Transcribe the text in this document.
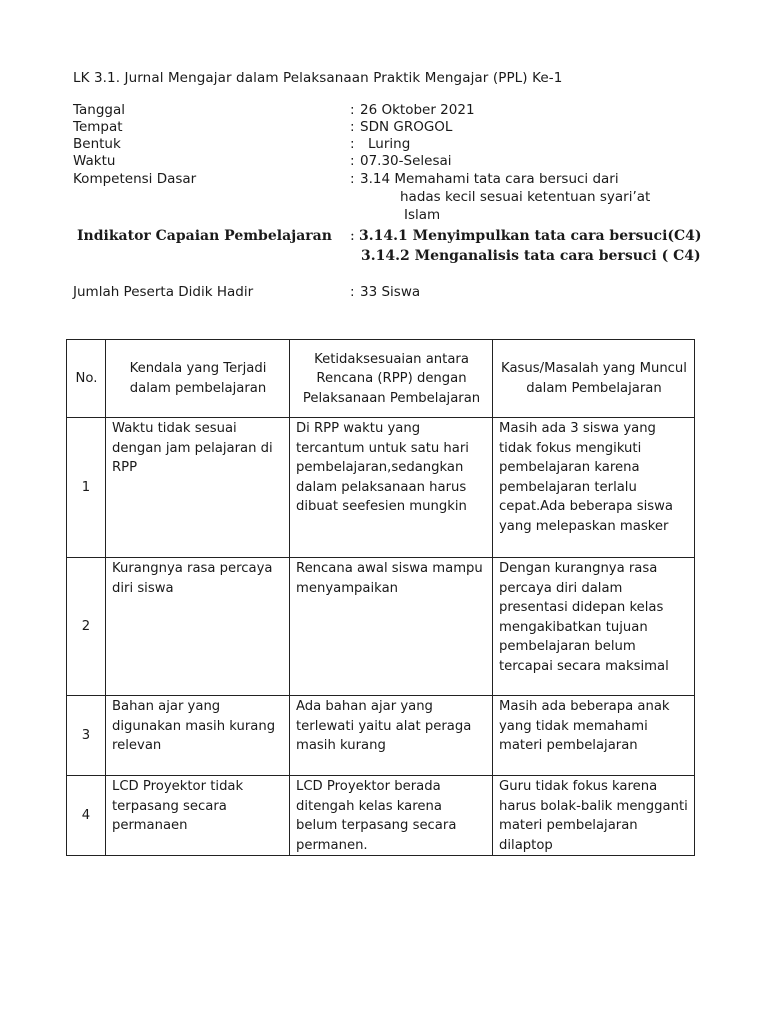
LK 3.1. Jurnal Mengajar dalam Pelaksanaan Praktik Mengajar (PPL) Ke-1
Tanggal	: 26 Oktober 2021
Tempat	: SDN GROGOL
Bentuk	: Luring
Waktu	: 07.30-Selesai
Kompetensi Dasar	: 3.14 Memahami tata cara bersuci dari
hadas kecil sesuai ketentuan syari’at
Islam
Indikator Capaian Pembelajaran : 3.14.1 Menyimpulkan tata cara bersuci(C4)
3.14.2 Menganalisis tata cara bersuci ( C4)
Jumlah Peserta Didik Hadir	: 33 Siswa
No.	Kendala yang Terjadi dalam pembelajaran	Ketidaksesuaian antara Rencana (RPP) dengan Pelaksanaan Pembelajaran	Kasus/Masalah yang Muncul dalam Pembelajaran
1	Waktu tidak sesuai dengan jam pelajaran di RPP	Di RPP waktu yang tercantum untuk satu hari pembelajaran,sedangkan dalam pelaksanaan harus dibuat seefesien mungkin	Masih ada 3 siswa yang tidak fokus mengikuti pembelajaran karena pembelajaran terlalu cepat.Ada beberapa siswa yang melepaskan masker
2	Kurangnya rasa percaya diri siswa	Rencana awal siswa mampu menyampaikan	Dengan kurangnya rasa percaya diri dalam presentasi didepan kelas mengakibatkan tujuan pembelajaran belum tercapai secara maksimal
3	Bahan ajar yang digunakan masih kurang relevan	Ada bahan ajar yang terlewati yaitu alat peraga masih kurang	Masih ada beberapa anak yang tidak memahami materi pembelajaran
4	LCD Proyektor tidak terpasang secara permanaen	LCD Proyektor berada ditengah kelas karena belum terpasang secara permanen.	Guru tidak fokus karena harus bolak-balik mengganti materi pembelajaran dilaptop
